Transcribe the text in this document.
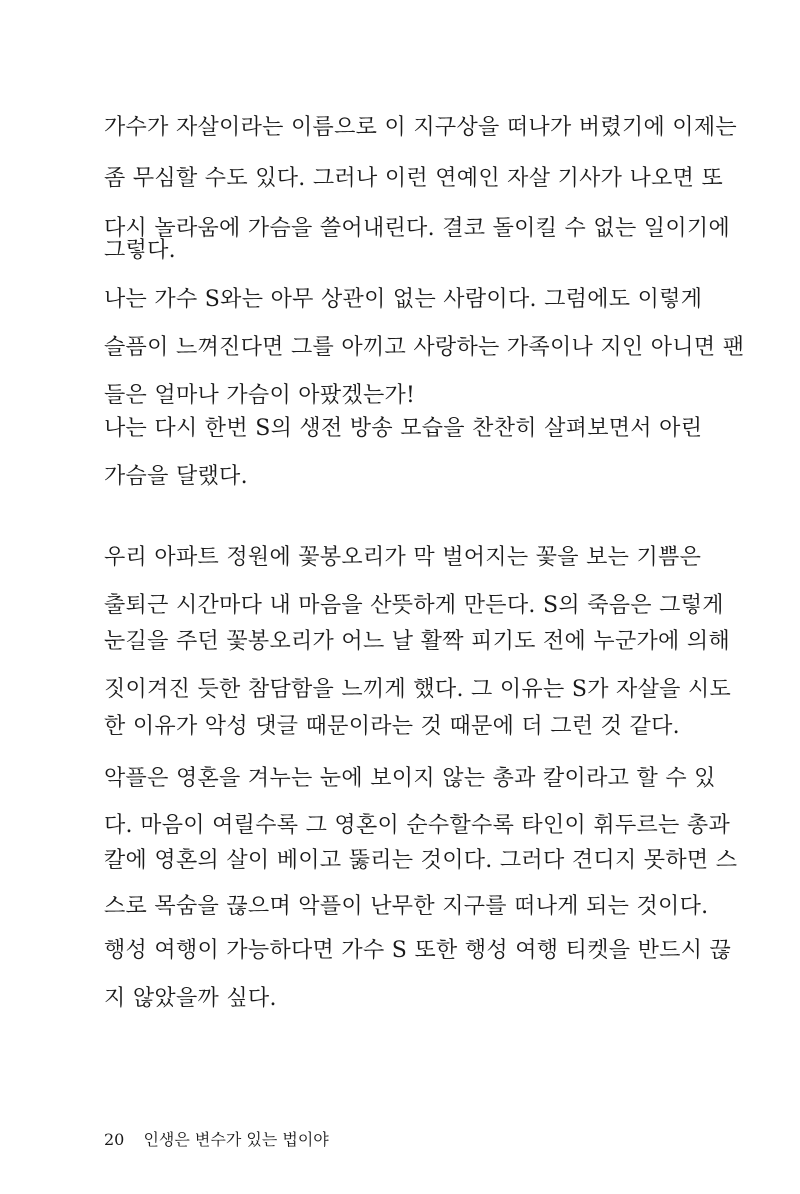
가수가 자살이라는 이름으로 이 지구상을 떠나가 버렸기에 이제는
좀 무심할 수도 있다. 그러나 이런 연예인 자살 기사가 나오면 또
다시 놀라움에 가슴을 쓸어내린다. 결코 돌이킬 수 없는 일이기에
그렇다.
나는 가수 S와는 아무 상관이 없는 사람이다. 그럼에도 이렇게
슬픔이 느껴진다면 그를 아끼고 사랑하는 가족이나 지인 아니면 팬
들은 얼마나 가슴이 아팠겠는가!
나는 다시 한번 S의 생전 방송 모습을 찬찬히 살펴보면서 아린
가슴을 달랬다.
우리 아파트 정원에 꽃봉오리가 막 벌어지는 꽃을 보는 기쁨은
출퇴근 시간마다 내 마음을 산뜻하게 만든다. S의 죽음은 그렇게
눈길을 주던 꽃봉오리가 어느 날 활짝 피기도 전에 누군가에 의해
짓이겨진 듯한 참담함을 느끼게 했다. 그 이유는 S가 자살을 시도
한 이유가 악성 댓글 때문이라는 것 때문에 더 그런 것 같다.
악플은 영혼을 겨누는 눈에 보이지 않는 총과 칼이라고 할 수 있
다. 마음이 여릴수록 그 영혼이 순수할수록 타인이 휘두르는 총과
칼에 영혼의 살이 베이고 뚫리는 것이다. 그러다 견디지 못하면 스
스로 목숨을 끊으며 악플이 난무한 지구를 떠나게 되는 것이다.
행성 여행이 가능하다면 가수 S 또한 행성 여행 티켓을 반드시 끊
지 않았을까 싶다.
20 인생은 변수가 있는 법이야
